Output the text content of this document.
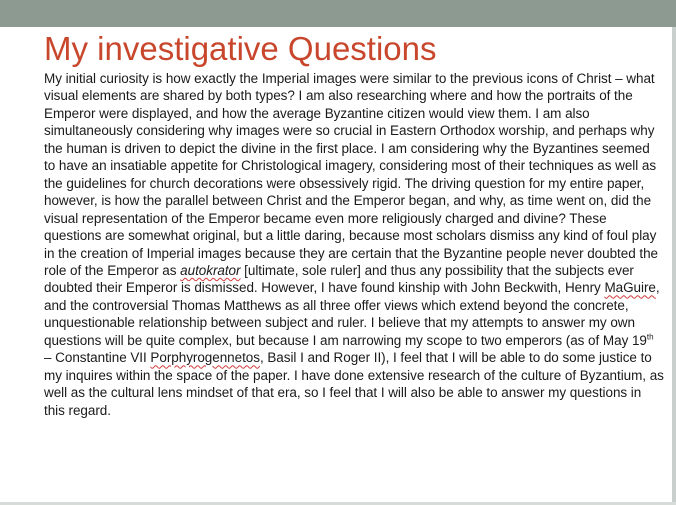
My investigative Questions

My initial curiosity is how exactly the Imperial images were similar to the previous icons of Christ – what visual elements are shared by both types? I am also researching where and how the portraits of the Emperor were displayed, and how the average Byzantine citizen would view them. I am also simultaneously considering why images were so crucial in Eastern Orthodox worship, and perhaps why the human is driven to depict the divine in the first place. I am considering why the Byzantines seemed to have an insatiable appetite for Christological imagery, considering most of their techniques as well as the guidelines for church decorations were obsessively rigid. The driving question for my entire paper, however, is how the parallel between Christ and the Emperor began, and why, as time went on, did the visual representation of the Emperor became even more religiously charged and divine? These questions are somewhat original, but a little daring, because most scholars dismiss any kind of foul play in the creation of Imperial images because they are certain that the Byzantine people never doubted the role of the Emperor as autokrator [ultimate, sole ruler] and thus any possibility that the subjects ever doubted their Emperor is dismissed. However, I have found kinship with John Beckwith, Henry MaGuire, and the controversial Thomas Matthews as all three offer views which extend beyond the concrete, unquestionable relationship between subject and ruler. I believe that my attempts to answer my own questions will be quite complex, but because I am narrowing my scope to two emperors (as of May 19th – Constantine VII Porphyrogennetos, Basil I and Roger II), I feel that I will be able to do some justice to my inquires within the space of the paper. I have done extensive research of the culture of Byzantium, as well as the cultural lens mindset of that era, so I feel that I will also be able to answer my questions in this regard.
